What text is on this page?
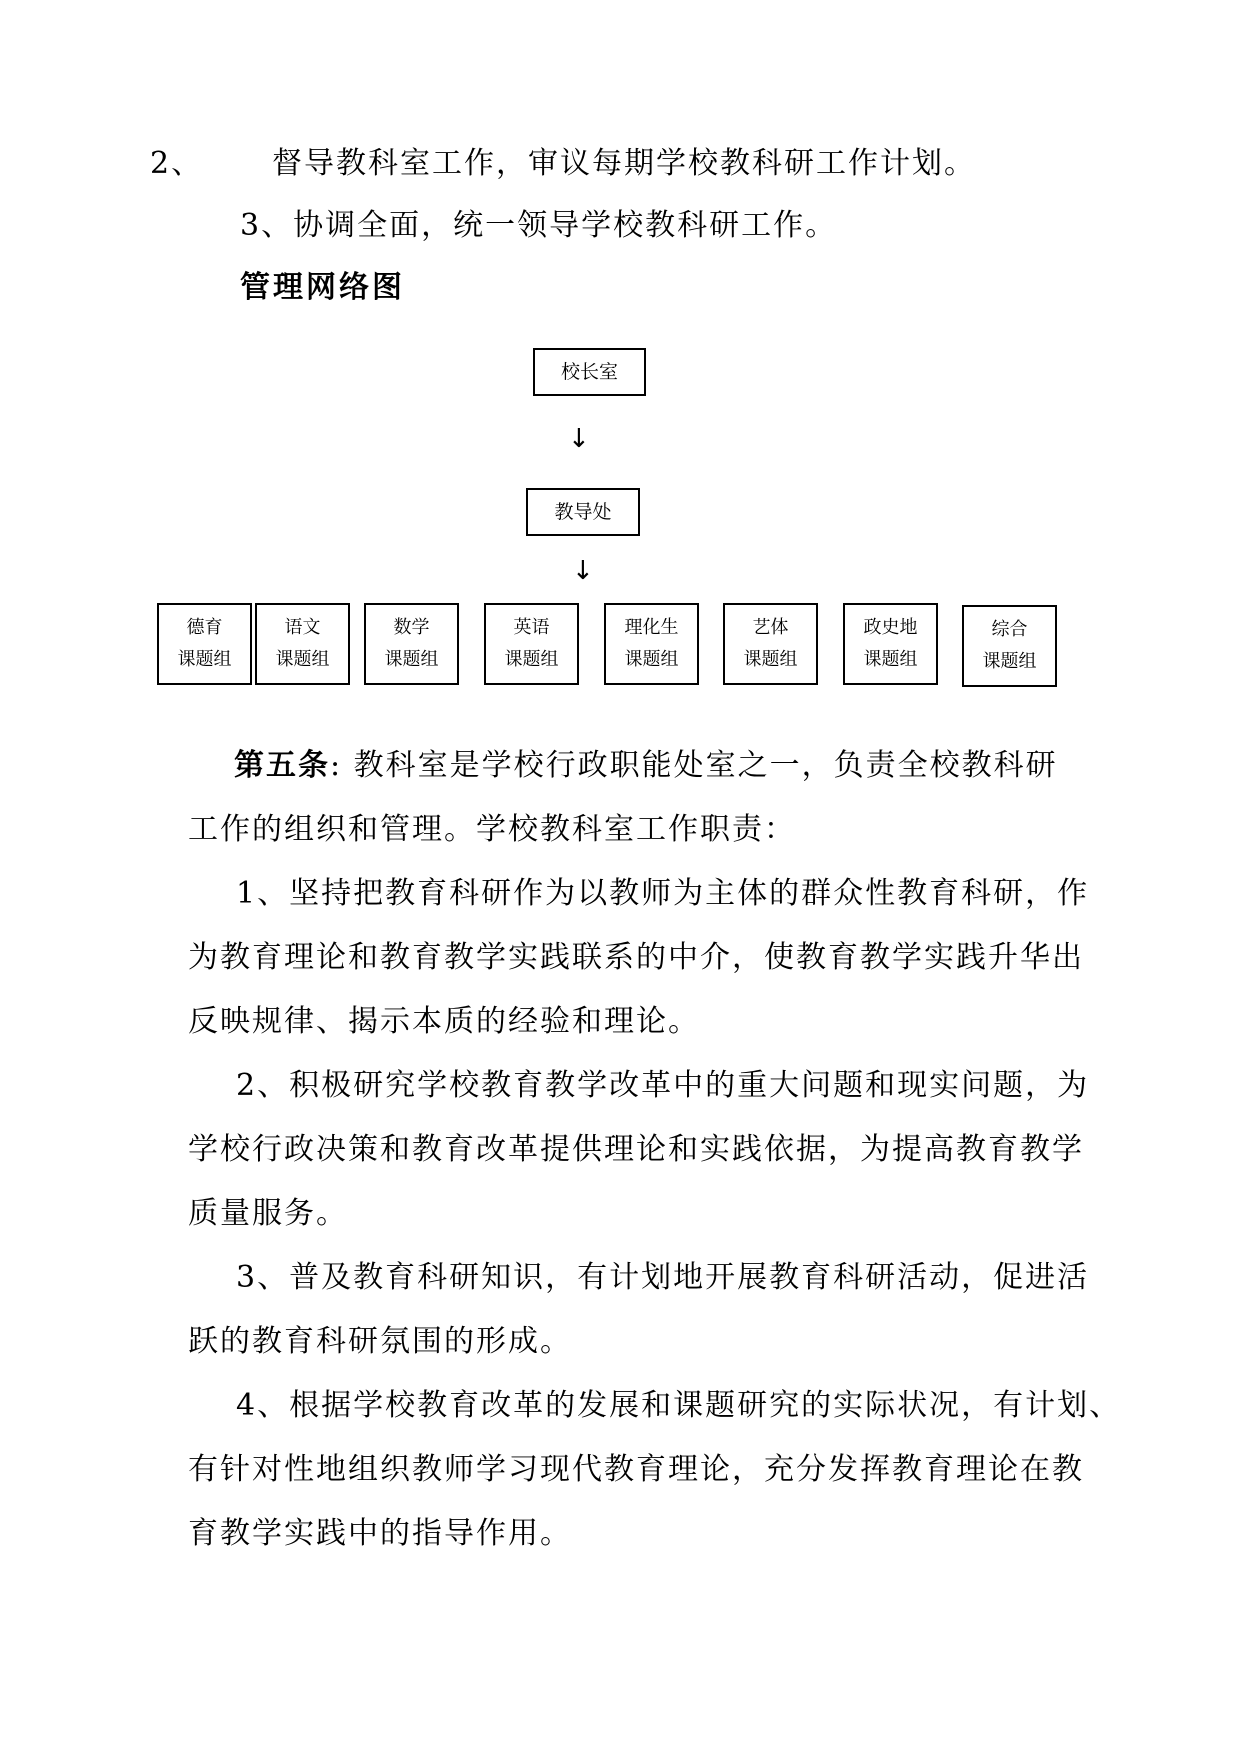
2、 督导教科室工作，审议每期学校教科研工作计划。
3、协调全面，统一领导学校教科研工作。
管理网络图
校长室
↓
教导处
↓
德育
课题组
语文
课题组
数学
课题组
英语
课题组
理化生
课题组
艺体
课题组
政史地
课题组
综合
课题组
第五条: 教科室是学校行政职能处室之一，负责全校教科研
工作的组织和管理。学校教科室工作职责：
1、坚持把教育科研作为以教师为主体的群众性教育科研，作
为教育理论和教育教学实践联系的中介，使教育教学实践升华出
反映规律、揭示本质的经验和理论。
2、积极研究学校教育教学改革中的重大问题和现实问题，为
学校行政决策和教育改革提供理论和实践依据，为提高教育教学
质量服务。
3、普及教育科研知识，有计划地开展教育科研活动，促进活
跃的教育科研氛围的形成。
4、根据学校教育改革的发展和课题研究的实际状况，有计划、
有针对性地组织教师学习现代教育理论，充分发挥教育理论在教
育教学实践中的指导作用。
